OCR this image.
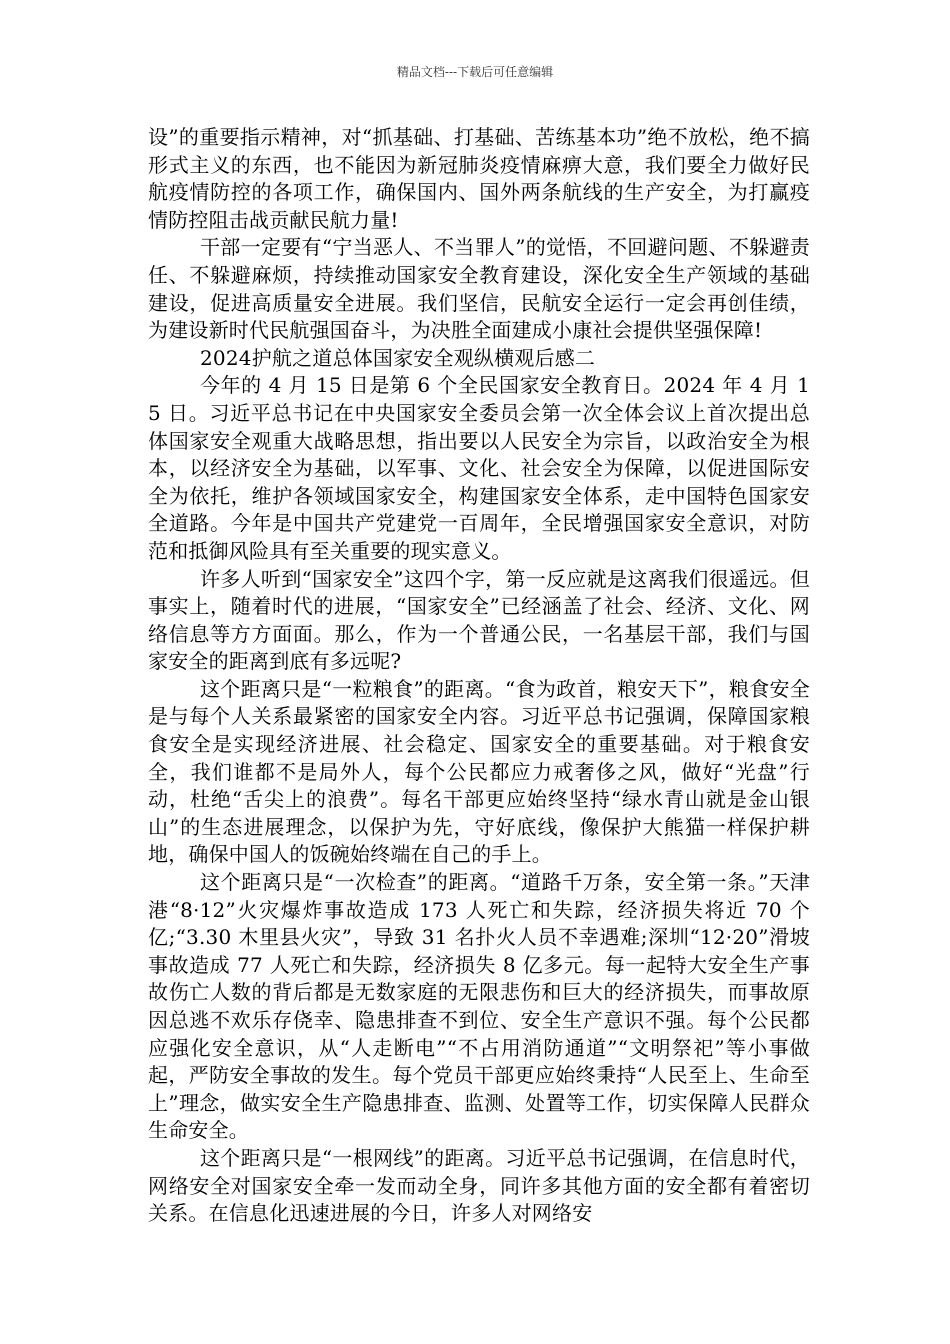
精品文档---下载后可任意编辑

设”的重要指示精神，对“抓基础、打基础、苦练基本功”绝不放松，绝不搞形式主义的东西，也不能因为新冠肺炎疫情麻痹大意，我们要全力做好民航疫情防控的各项工作，确保国内、国外两条航线的生产安全，为打赢疫情防控阻击战贡献民航力量!

干部一定要有“宁当恶人、不当罪人”的觉悟，不回避问题、不躲避责任、不躲避麻烦，持续推动国家安全教育建设，深化安全生产领域的基础建设，促进高质量安全进展。我们坚信，民航安全运行一定会再创佳绩，为建设新时代民航强国奋斗，为决胜全面建成小康社会提供坚强保障!

2024护航之道总体国家安全观纵横观后感二

今年的 4 月 15 日是第 6 个全民国家安全教育日。2024 年 4 月 15 日。习近平总书记在中央国家安全委员会第一次全体会议上首次提出总体国家安全观重大战略思想，指出要以人民安全为宗旨，以政治安全为根本，以经济安全为基础，以军事、文化、社会安全为保障，以促进国际安全为依托，维护各领域国家安全，构建国家安全体系，走中国特色国家安全道路。今年是中国共产党建党一百周年，全民增强国家安全意识，对防范和抵御风险具有至关重要的现实意义。

许多人听到“国家安全”这四个字，第一反应就是这离我们很遥远。但事实上，随着时代的进展，“国家安全”已经涵盖了社会、经济、文化、网络信息等方方面面。那么，作为一个普通公民，一名基层干部，我们与国家安全的距离到底有多远呢?

这个距离只是“一粒粮食”的距离。“食为政首，粮安天下”，粮食安全是与每个人关系最紧密的国家安全内容。习近平总书记强调，保障国家粮食安全是实现经济进展、社会稳定、国家安全的重要基础。对于粮食安全，我们谁都不是局外人，每个公民都应力戒奢侈之风，做好“光盘”行动，杜绝“舌尖上的浪费”。每名干部更应始终坚持“绿水青山就是金山银山”的生态进展理念，以保护为先，守好底线，像保护大熊猫一样保护耕地，确保中国人的饭碗始终端在自己的手上。

这个距离只是“一次检查”的距离。“道路千万条，安全第一条。”天津港“8·12”火灾爆炸事故造成 173 人死亡和失踪，经济损失将近 70 个亿;“3.30 木里县火灾”，导致 31 名扑火人员不幸遇难;深圳“12·20”滑坡事故造成 77 人死亡和失踪，经济损失 8 亿多元。每一起特大安全生产事故伤亡人数的背后都是无数家庭的无限悲伤和巨大的经济损失，而事故原因总逃不欢乐存侥幸、隐患排查不到位、安全生产意识不强。每个公民都应强化安全意识，从“人走断电”“不占用消防通道”“文明祭祀”等小事做起，严防安全事故的发生。每个党员干部更应始终秉持“人民至上、生命至上”理念，做实安全生产隐患排查、监测、处置等工作，切实保障人民群众生命安全。

这个距离只是“一根网线”的距离。习近平总书记强调，在信息时代，网络安全对国家安全牵一发而动全身，同许多其他方面的安全都有着密切关系。在信息化迅速进展的今日，许多人对网络安
